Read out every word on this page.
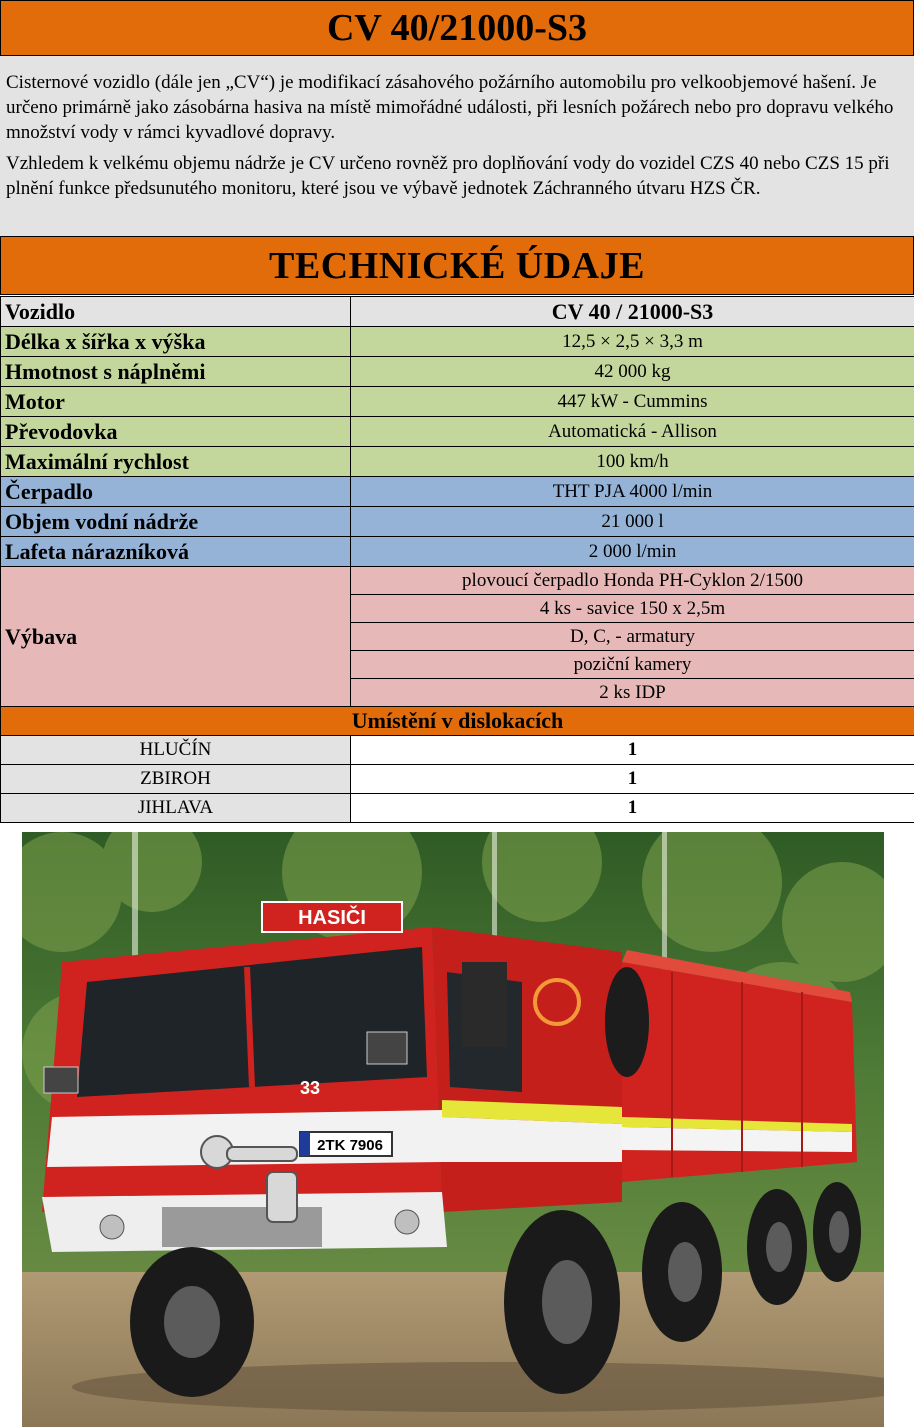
CV 40/21000-S3

Cisternové vozidlo (dále jen „CV“) je modifikací zásahového požárního automobilu pro velkoobjemové hašení. Je určeno primárně jako zásobárna hasiva na místě mimořádné události, při lesních požárech nebo pro dopravu velkého množství vody v rámci kyvadlové dopravy.

Vzhledem k velkému objemu nádrže je CV určeno rovněž pro doplňování vody do vozidel CZS 40 nebo CZS 15 při plnění funkce předsunutého monitoru, které jsou ve výbavě jednotek Záchranného útvaru HZS ČR.

TECHNICKÉ ÚDAJE
Vozidlo	CV 40 / 21000-S3
Délka x šířka x výška	12,5 × 2,5 × 3,3 m
Hmotnost s náplněmi	42 000 kg
Motor	447 kW - Cummins
Převodovka	Automatická - Allison
Maximální rychlost	100 km/h
Čerpadlo	THT PJA 4000 l/min
Objem vodní nádrže	21 000 l
Lafeta nárazníková	2 000 l/min
Výbava	plovoucí čerpadlo Honda PH-Cyklon 2/1500
	4 ks - savice 150 x 2,5m
	D, C, - armatury
	poziční kamery
	2 ks IDP
Umístění v dislokacích	
HLUČÍN	1
ZBIROH	1
JIHLAVA	1
HASIČI
33
2TK 7906
